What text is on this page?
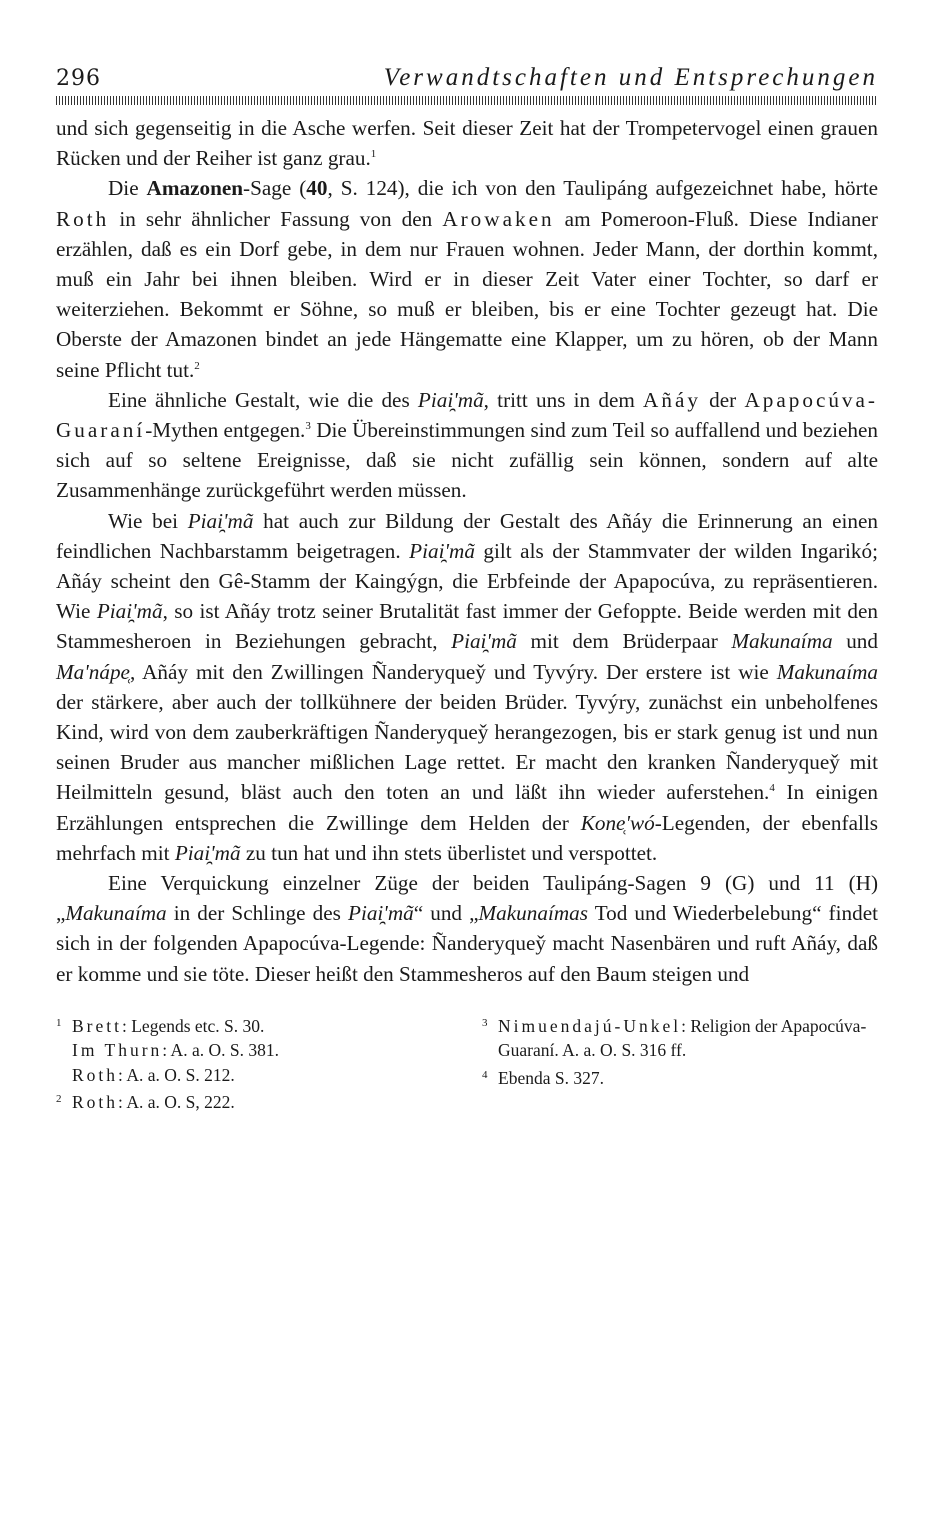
296	Verwandtschaften und Entsprechungen

und sich gegenseitig in die Asche werfen. Seit dieser Zeit hat der Trompetervogel einen grauen Rücken und der Reiher ist ganz grau.$^1$

Die Amazonen-Sage (40, S. 124), die ich von den Taulipáng aufgezeichnet habe, hörte Roth in sehr ähnlicher Fassung von den Arowaken am Pomeroon-Fluß. Diese Indianer erzählen, daß es ein Dorf gebe, in dem nur Frauen wohnen. Jeder Mann, der dorthin kommt, muß ein Jahr bei ihnen bleiben. Wird er in dieser Zeit Vater einer Tochter, so darf er weiterziehen. Bekommt er Söhne, so muß er bleiben, bis er eine Tochter gezeugt hat. Die Oberste der Amazonen bindet an jede Hängematte eine Klapper, um zu hören, ob der Mann seine Pflicht tut.$^2$

Eine ähnliche Gestalt, wie die des Piai̯'mã, tritt uns in dem Añáy der Apapocúva-Guaraní-Mythen entgegen.$^3$ Die Übereinstimmungen sind zum Teil so auffallend und beziehen sich auf so seltene Ereignisse, daß sie nicht zufällig sein können, sondern auf alte Zusammenhänge zurückgeführt werden müssen.

Wie bei Piai̯'mã hat auch zur Bildung der Gestalt des Añáy die Erinnerung an einen feindlichen Nachbarstamm beigetragen. Piai̯'mã gilt als der Stammvater der wilden Ingarikó; Añáy scheint den Gê-Stamm der Kaingýgn, die Erbfeinde der Apapocúva, zu repräsentieren. Wie Piai̯'mã, so ist Añáy trotz seiner Brutalität fast immer der Gefoppte. Beide werden mit den Stammesheroen in Beziehungen gebracht, Piai̯'mã mit dem Brüderpaar Makunaíma und Ma'nápe̜, Añáy mit den Zwillingen Ñanderyquey̌ und Tyvýry. Der erstere ist wie Makunaíma der stärkere, aber auch der tollkühnere der beiden Brüder. Tyvýry, zunächst ein unbeholfenes Kind, wird von dem zauberkräftigen Ñanderyquey̌ herangezogen, bis er stark genug ist und nun seinen Bruder aus mancher mißlichen Lage rettet. Er macht den kranken Ñanderyquey̌ mit Heilmitteln gesund, bläst auch den toten an und läßt ihn wieder auferstehen.$^4$ In einigen Erzählungen entsprechen die Zwillinge dem Helden der Kone̜'wó-Legenden, der ebenfalls mehrfach mit Piai̯'mã zu tun hat und ihn stets überlistet und verspottet.

Eine Verquickung einzelner Züge der beiden Taulipáng-Sagen 9 (G) und 11 (H) „Makunaíma in der Schlinge des Piai̯'mã“ und „Makunaímas Tod und Wiederbelebung“ findet sich in der folgenden Apapocúva-Legende: Ñanderyquey̌ macht Nasenbären und ruft Añáy, daß er komme und sie töte. Dieser heißt den Stammesheros auf den Baum steigen und

1 Brett: Legends etc. S. 30.
Im Thurn: A. a. O. S. 381.
Roth: A. a. O. S. 212.
2 Roth: A. a. O. S, 222.
3 Nimuendajú-Unkel: Religion der Apapocúva-Guaraní. A. a. O. S. 316 ff.
4 Ebenda S. 327.
